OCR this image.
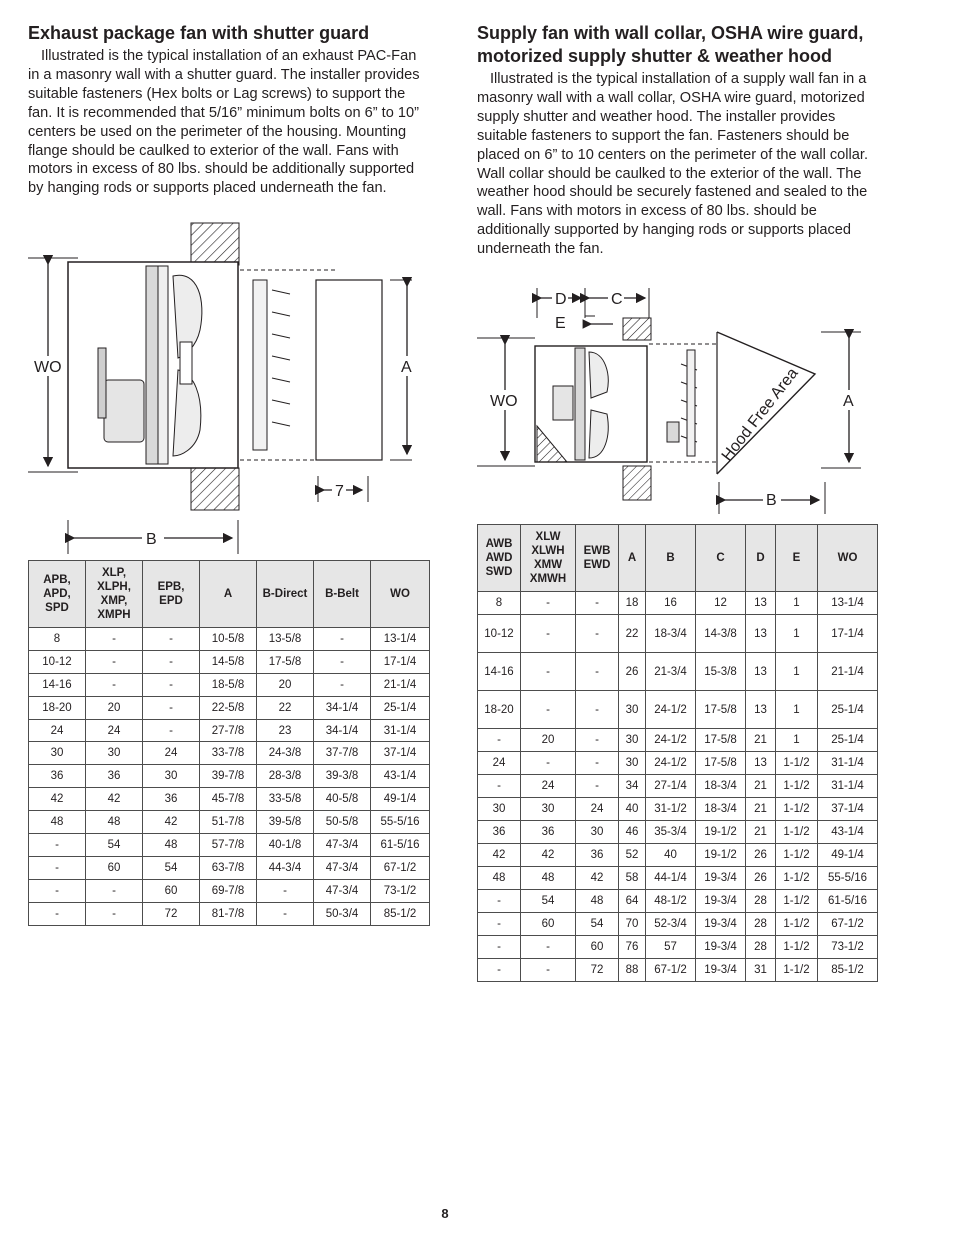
Exhaust package fan with shutter guard

Illustrated is the typical installation of an exhaust PAC-Fan in a masonry wall with a shutter guard. The installer provides suitable fasteners (Hex bolts or Lag screws) to support the fan. It is recommended that 5/16” minimum bolts on 6” to 10” centers be used on the perimeter of the housing. Mounting flange should be caulked to exterior of the wall. Fans with motors in excess of 80 lbs. should be additionally supported by hanging rods or supports placed underneath the fan.

Supply fan with wall collar, OSHA wire guard, motorized supply shutter & weather hood

Illustrated is the typical installation of a supply wall fan in a masonry wall with a wall collar, OSHA wire guard, motorized supply shutter and weather hood. The installer provides suitable fasteners to support the fan. Fasteners should be placed on 6” to 10 centers on the perimeter of the wall collar. Wall collar should be caulked to the exterior of the wall. The weather hood should be securely fastened and sealed to the wall. Fans with motors in excess of 80 lbs. should be additionally supported by hanging rods or supports placed underneath the fan.

WO	A
7
B
D	C
E
WO	Hood Free Area	A
B
APB, APD, SPD	XLP, XLPH, XMP, XMPH	EPB, EPD	A	B-Direct	B-Belt	WO
8	-	-	10-5/8	13-5/8	-	13-1/4
10-12	-	-	14-5/8	17-5/8	-	17-1/4
14-16	-	-	18-5/8	20	-	21-1/4
18-20	20	-	22-5/8	22	34-1/4	25-1/4
24	24	-	27-7/8	23	34-1/4	31-1/4
30	30	24	33-7/8	24-3/8	37-7/8	37-1/4
36	36	30	39-7/8	28-3/8	39-3/8	43-1/4
42	42	36	45-7/8	33-5/8	40-5/8	49-1/4
48	48	42	51-7/8	39-5/8	50-5/8	55-5/16
-	54	48	57-7/8	40-1/8	47-3/4	61-5/16
-	60	54	63-7/8	44-3/4	47-3/4	67-1/2
-	-	60	69-7/8	-	47-3/4	73-1/2
-	-	72	81-7/8	-	50-3/4	85-1/2
AWB AWD SWD	XLW XLWH XMW XMWH	EWB EWD	A	B	C	D	E	WO
8	-	-	18	16	12	13	1	13-1/4
10-12	-	-	22	18-3/4	14-3/8	13	1	17-1/4
14-16	-	-	26	21-3/4	15-3/8	13	1	21-1/4
18-20	-	-	30	24-1/2	17-5/8	13	1	25-1/4
-	20	-	30	24-1/2	17-5/8	21	1	25-1/4
24	-	-	30	24-1/2	17-5/8	13	1-1/2	31-1/4
-	24	-	34	27-1/4	18-3/4	21	1-1/2	31-1/4
30	30	24	40	31-1/2	18-3/4	21	1-1/2	37-1/4
36	36	30	46	35-3/4	19-1/2	21	1-1/2	43-1/4
42	42	36	52	40	19-1/2	26	1-1/2	49-1/4
48	48	42	58	44-1/4	19-3/4	26	1-1/2	55-5/16
-	54	48	64	48-1/2	19-3/4	28	1-1/2	61-5/16
-	60	54	70	52-3/4	19-3/4	28	1-1/2	67-1/2
-	-	60	76	57	19-3/4	28	1-1/2	73-1/2
-	-	72	88	67-1/2	19-3/4	31	1-1/2	85-1/2
8
